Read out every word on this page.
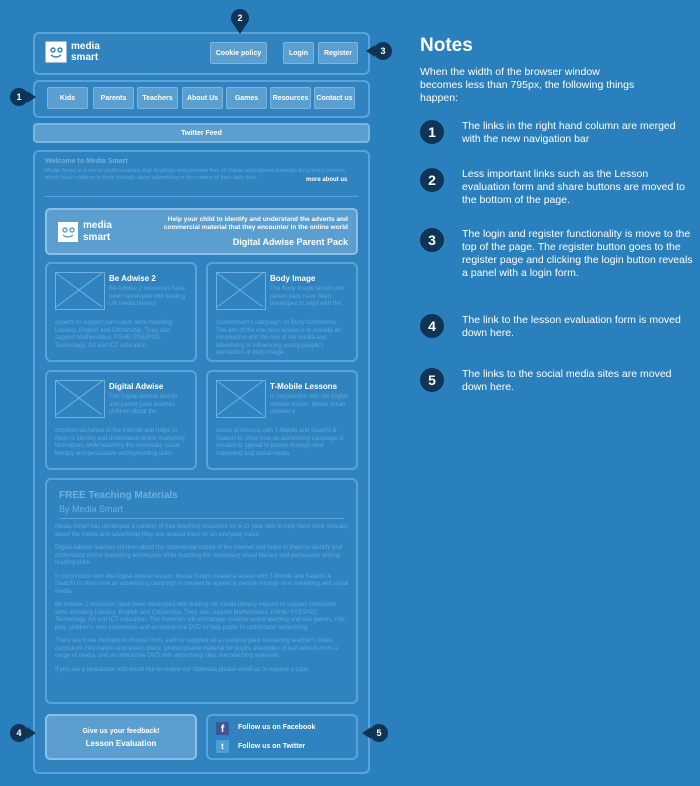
media
smart	Cookie policy	Login	Register
Kids	Parents	Teachers	About Us	Games	Resources	Contact us
Twitter Feed
Welcome to Media Smart
Media Smart is a not for profit company that develops and provides free of charge educational materials for primary schools, which teach children to think critically about advertising in the context of their daily lives.	more about us
media
smart
Help your child to identify and understand the adverts and commercial material that they encounter in the online world
Digital Adwise Parent Pack
Be Adwise 2
Be Adwise 2 resources have been developed with leading UK media literacy
experts to support curriculum aims including Literacy, English and Citizenship. They also support Mathematics, PSHE/ PSE/PSD, Technology, Art and ICT education.
Body Image
The Body Image lesson and parent pack have been developed to align with the
Government's campaign on Body Confidence. The aim of the one hour lesson is to provide an introduction into the role of the media and advertising in influencing young people's perception of body image.
Digital Adwise
The Digital Adwise lesson and parent pack teaches children about the
commercial nature of the internet and helps to them to identify and understand online marketing techniques while teaching the necessary visual literacy and persuasive writing/reading skills.
T-Mobile Lessons
In conjunction with the Digital Adwise lesson, Media Smart created a
series of lessons with T-Mobile and Saatchi & Saatchi to show how an advertising campaign is created to appeal to people through viral marketing and social media.
FREE Teaching Materials
By Media Smart

Media Smart has developed a number of free teaching resources for 6-11 year olds to help them think critically about the media and advertising they see around them on an everyday basis.

Digital Adwise teaches children about the commercial nature of the internet and helps to them to identify and understand online marketing techniques while teaching the necessary visual literacy and persuasive writing/ reading skills.

In conjunction with the Digital Adwise lesson, Media Smart created a lesson with T-Mobile and Saatchi & Saatchi to show how an advertising campaign is created to appeal to people through viral marketing and social media.

Be Adwise 2 resources have been developed with leading UK media literacy experts to support curriculum aims including Literacy, English and Citizenship. They also support Mathematics, PSHE/ PSE/PSD, Technology, Art and ICT education. The materials will encourage creative active learning and use games, role play, children's own experience and an interactive DVD to help pupils to understand advertising.

There are three modules to choose from, each is supplied as a resource pack containing teacher's notes, curriculum information and lesson plans, photocopiable material for pupils, examples of real adverts from a range of media, and an interactive DVD with advertising clips and teaching materials.

If you are a researcher and would like to review our materials please email us to request a copy.

Give us your feedback!
Lesson Evaluation
f	Follow us on Facebook
t	Follow us on Twitter
2
3
1
4	5
Notes
When the width of the browser window becomes less than 795px, the following things happen:
1	The links in the right hand column are merged with the new navigation bar
2	Less important links such as the Lesson evaluation form and share buttons are moved to the bottom of the page.
3	The login and register functionality is move to the top of the page. The register button goes to the register page and clicking the login button reveals a panel with a login form.
4	The link to the lesson evaluation form is moved down here.
5	The links to the social media sites are moved down here.
